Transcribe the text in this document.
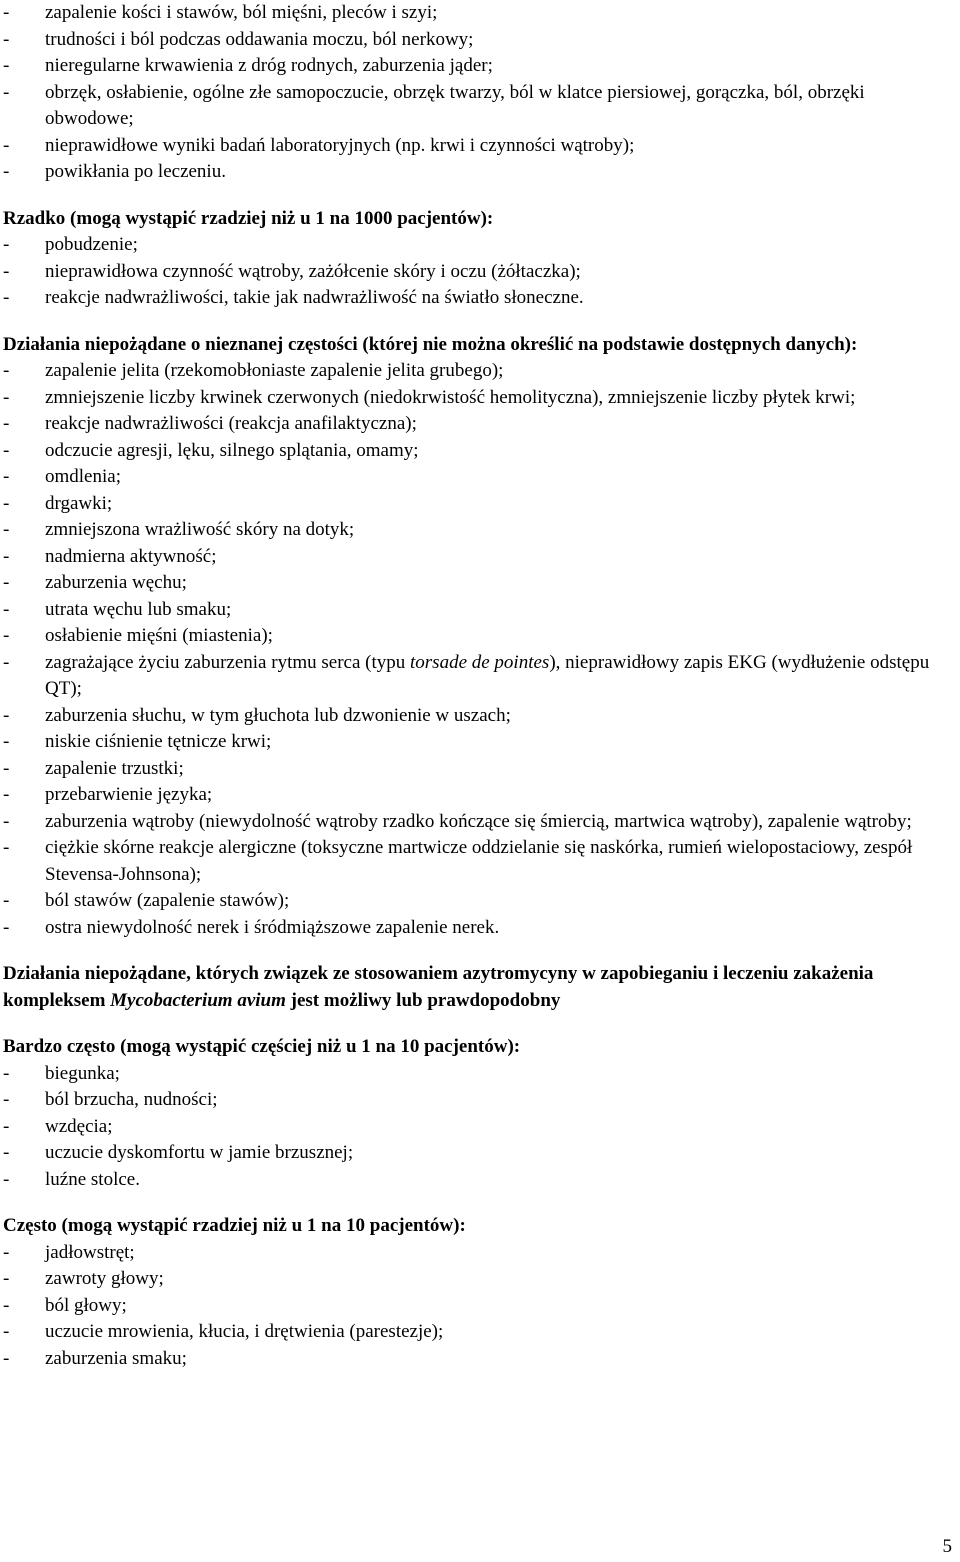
- zapalenie kości i stawów, ból mięśni, pleców i szyi;
- trudności i ból podczas oddawania moczu, ból nerkowy;
- nieregularne krwawienia z dróg rodnych, zaburzenia jąder;
- obrzęk, osłabienie, ogólne złe samopoczucie, obrzęk twarzy, ból w klatce piersiowej, gorączka, ból, obrzęki obwodowe;
- nieprawidłowe wyniki badań laboratoryjnych (np. krwi i czynności wątroby);
- powikłania po leczeniu.

Rzadko (mogą wystąpić rzadziej niż u 1 na 1000 pacjentów):

- pobudzenie;
- nieprawidłowa czynność wątroby, zażółcenie skóry i oczu (żółtaczka);
- reakcje nadwrażliwości, takie jak nadwrażliwość na światło słoneczne.

Działania niepożądane o nieznanej częstości (której nie można określić na podstawie dostępnych danych):

- zapalenie jelita (rzekomobłoniaste zapalenie jelita grubego);
- zmniejszenie liczby krwinek czerwonych (niedokrwistość hemolityczna), zmniejszenie liczby płytek krwi;
- reakcje nadwrażliwości (reakcja anafilaktyczna);
- odczucie agresji, lęku, silnego splątania, omamy;
- omdlenia;
- drgawki;
- zmniejszona wrażliwość skóry na dotyk;
- nadmierna aktywność;
- zaburzenia węchu;
- utrata węchu lub smaku;
- osłabienie mięśni (miastenia);
- zagrażające życiu zaburzenia rytmu serca (typu torsade de pointes), nieprawidłowy zapis EKG (wydłużenie odstępu QT);
- zaburzenia słuchu, w tym głuchota lub dzwonienie w uszach;
- niskie ciśnienie tętnicze krwi;
- zapalenie trzustki;
- przebarwienie języka;
- zaburzenia wątroby (niewydolność wątroby rzadko kończące się śmiercią, martwica wątroby), zapalenie wątroby;
- ciężkie skórne reakcje alergiczne (toksyczne martwicze oddzielanie się naskórka, rumień wielopostaciowy, zespół Stevensa-Johnsona);
- ból stawów (zapalenie stawów);
- ostra niewydolność nerek i śródmiąższowe zapalenie nerek.

Działania niepożądane, których związek ze stosowaniem azytromycyny w zapobieganiu i leczeniu zakażenia kompleksem Mycobacterium avium jest możliwy lub prawdopodobny

Bardzo często (mogą wystąpić częściej niż u 1 na 10 pacjentów):

- biegunka;
- ból brzucha, nudności;
- wzdęcia;
- uczucie dyskomfortu w jamie brzusznej;
- luźne stolce.

Często (mogą wystąpić rzadziej niż u 1 na 10 pacjentów):

- jadłowstręt;
- zawroty głowy;
- ból głowy;
- uczucie mrowienia, kłucia, i drętwienia (parestezje);
- zaburzenia smaku;
5
